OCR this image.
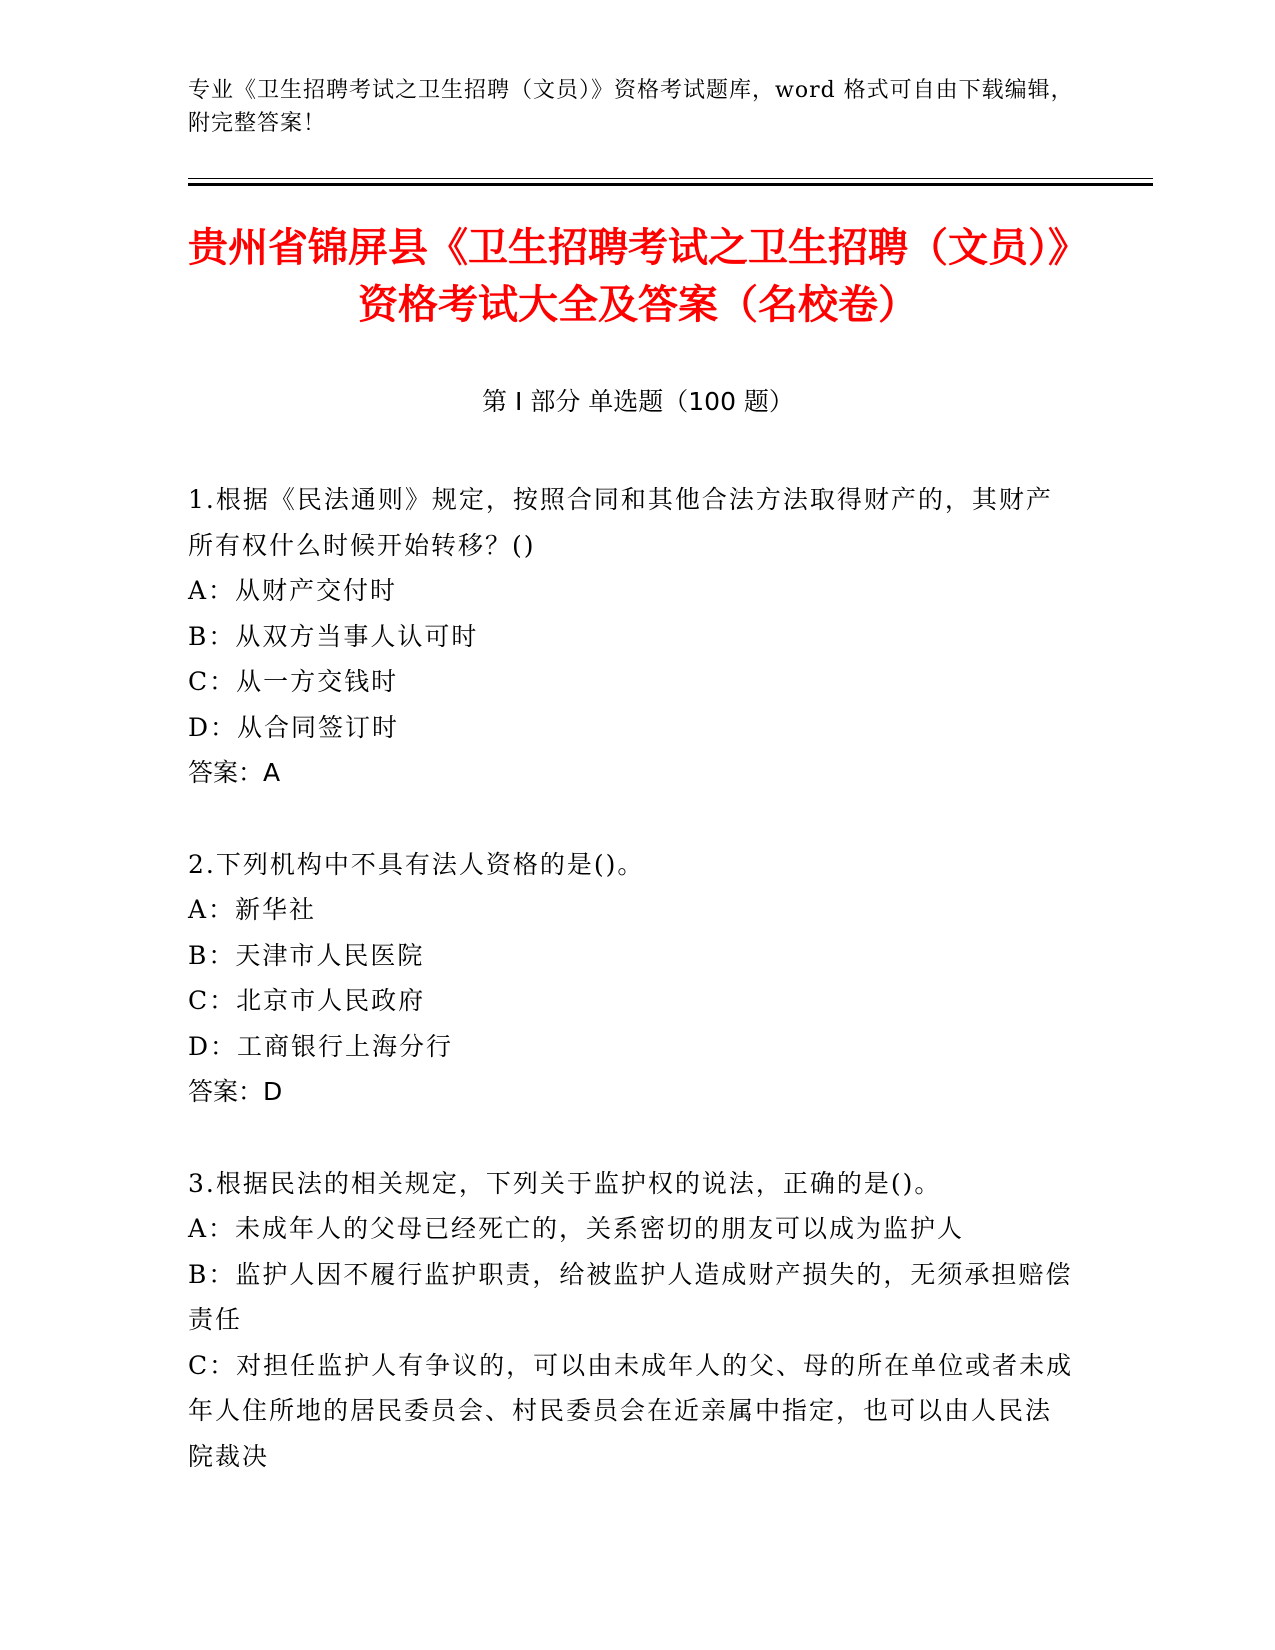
专业《卫生招聘考试之卫生招聘（文员）》资格考试题库，word 格式可自由下载编辑，附完整答案！
贵州省锦屏县《卫生招聘考试之卫生招聘（文员）》资格考试大全及答案（名校卷）
第 I 部分 单选题（100 题）

1.根据《民法通则》规定，按照合同和其他合法方法取得财产的，其财产所有权什么时候开始转移？()

A：从财产交付时

B：从双方当事人认可时

C：从一方交钱时

D：从合同签订时

答案：A

2.下列机构中不具有法人资格的是()。

A：新华社

B：天津市人民医院

C：北京市人民政府

D：工商银行上海分行

答案：D

3.根据民法的相关规定，下列关于监护权的说法，正确的是()。

A：未成年人的父母已经死亡的，关系密切的朋友可以成为监护人

B：监护人因不履行监护职责，给被监护人造成财产损失的，无须承担赔偿责任

C：对担任监护人有争议的，可以由未成年人的父、母的所在单位或者未成年人住所地的居民委员会、村民委员会在近亲属中指定，也可以由人民法院裁决
